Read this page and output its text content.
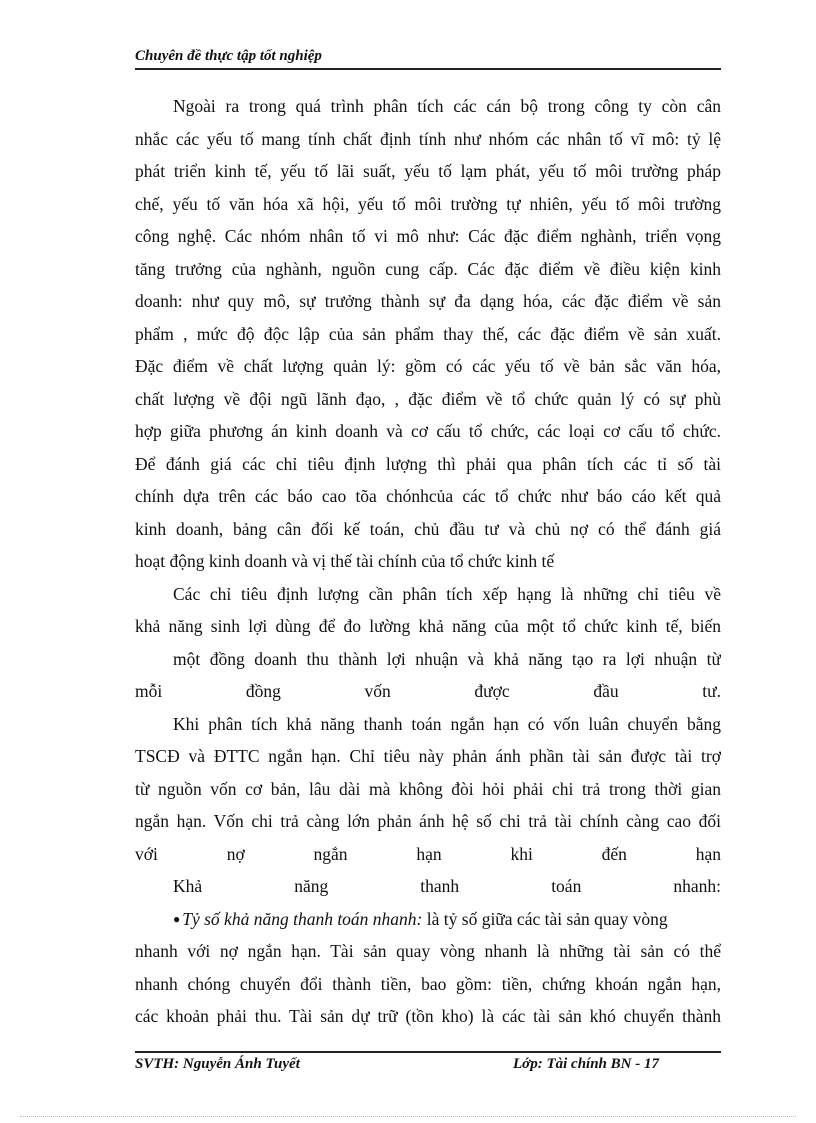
Chuyên đề thực tập tốt nghiệp
Ngoài ra trong quá trình phân tích các cán bộ trong công ty còn cân
nhắc các yếu tố mang tính chất định tính như nhóm các nhân tố vĩ mô: tỷ lệ
phát triển kinh tế, yếu tố lãi suất, yếu tố lạm phát, yếu tố môi trường pháp
chế, yếu tố văn hóa xã hội, yếu tố môi trường tự nhiên, yếu tố môi trường
công nghệ. Các nhóm nhân tố vi mô như: Các đặc điểm nghành, triển vọng
tăng trưởng của nghành, nguồn cung cấp. Các đặc điểm về điều kiện kinh
doanh: như quy mô, sự trưởng thành sự đa dạng hóa, các đặc điểm về sản
phẩm , mức độ độc lập của sản phẩm thay thế, các đặc điểm về sản xuất.
Đặc điểm về chất lượng quản lý: gồm có các yếu tố về bản sắc văn hóa,
chất lượng về đội ngũ lãnh đạo, , đặc điểm về tổ chức quản lý có sự phù
hợp giữa phương án kinh doanh và cơ cấu tổ chức, các loại cơ cấu tổ chức.
Để đánh giá các chỉ tiêu định lượng thì phải qua phân tích các tỉ số tài
chính dựa trên các báo cao tõa chónhcủa các tổ chức như báo cáo kết quả
kinh doanh, bảng cân đối kế toán, chủ đầu tư và chủ nợ có thể đánh giá
hoạt động kinh doanh và vị thế tài chính của tổ chức kinh tế
Các chỉ tiêu định lượng cần phân tích xếp hạng là những chỉ tiêu về
khả năng sinh lợi dùng để đo lường khả năng của một tổ chức kinh tế, biến
một đồng doanh thu thành lợi nhuận và khả năng tạo ra lợi nhuận từ
mỗi đồng vốn được đầu tư.
Khi phân tích khả năng thanh toán ngắn hạn có vốn luân chuyển bằng
TSCĐ và ĐTTC ngắn hạn. Chỉ tiêu này phản ánh phần tài sản được tài trợ
từ nguồn vốn cơ bản, lâu dài mà không đòi hỏi phải chi trả trong thời gian
ngắn hạn. Vốn chi trả càng lớn phản ánh hệ số chi trả tài chính càng cao đối
với nợ ngắn hạn khi đến hạn
Khả năng thanh toán nhanh:
● Tỷ số khả năng thanh toán nhanh: là tỷ số giữa các tài sản quay vòng
nhanh với nợ ngắn hạn. Tài sản quay vòng nhanh là những tài sản có thể
nhanh chóng chuyển đổi thành tiền, bao gồm: tiền, chứng khoán ngắn hạn,
các khoản phải thu. Tài sản dự trữ (tồn kho) là các tài sản khó chuyển thành
SVTH: Nguyễn Ánh Tuyết	Lớp: Tài chính BN - 17
